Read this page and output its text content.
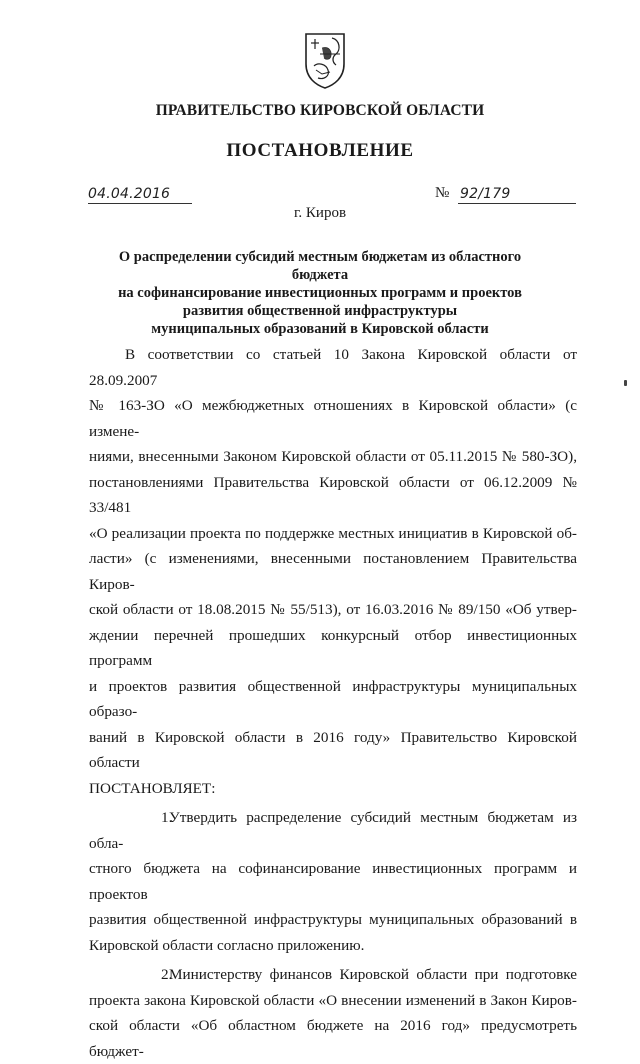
ПРАВИТЕЛЬСТВО КИРОВСКОЙ ОБЛАСТИ
ПОСТАНОВЛЕНИЕ
04.04.2016	№ 92/179
г. Киров
О распределении субсидий местным бюджетам из областного бюджета
на софинансирование инвестиционных программ и проектов
развития общественной инфраструктуры
муниципальных образований в Кировской области

В соответствии со статьей 10 Закона Кировской области от 28.09.2007

№ 163-ЗО «О межбюджетных отношениях в Кировской области» (с измене-

ниями, внесенными Законом Кировской области от 05.11.2015 № 580-ЗО),

постановлениями Правительства Кировской области от 06.12.2009 № 33/481

«О реализации проекта по поддержке местных инициатив в Кировской об-

ласти» (с изменениями, внесенными постановлением Правительства Киров-

ской области от 18.08.2015 № 55/513), от 16.03.2016 № 89/150 «Об утвер-

ждении перечней прошедших конкурсный отбор инвестиционных программ

и проектов развития общественной инфраструктуры муниципальных образо-

ваний в Кировской области в 2016 году» Правительство Кировской области

ПОСТАНОВЛЯЕТ:

1.Утвердить распределение субсидий местным бюджетам из обла-

стного бюджета на софинансирование инвестиционных программ и проектов

развития общественной инфраструктуры муниципальных образований в

Кировской области согласно приложению.

2.Министерству финансов Кировской области при подготовке

проекта закона Кировской области «О внесении изменений в Закон Киров-

ской области «Об областном бюджете на 2016 год» предусмотреть бюджет-
